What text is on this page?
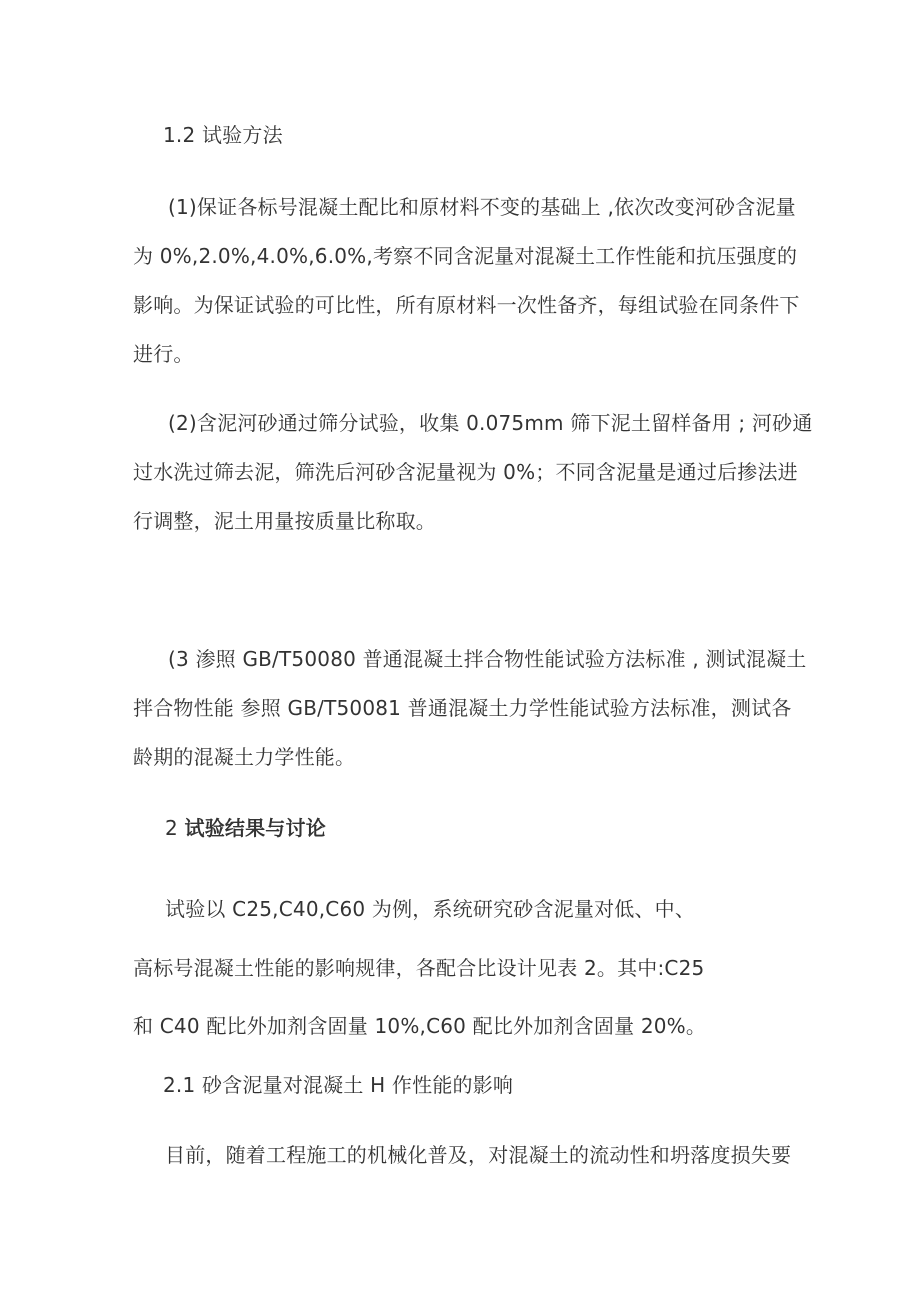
1.2 试验方法
(1)保证各标号混凝土配比和原材料不变的基础上 ,依次改变河砂含泥量
为 0%,2.0%,4.0%,6.0%,考察不同含泥量对混凝土工作性能和抗压强度的
影响。为保证试验的可比性，所有原材料一次性备齐，每组试验在同条件下
进行。
(2)含泥河砂通过筛分试验，收集 0.075mm 筛下泥土留样备用 ; 河砂通
过水洗过筛去泥，筛洗后河砂含泥量视为 0%；不同含泥量是通过后掺法进
行调整，泥土用量按质量比称取。
(3 渗照 GB/T50080 普通混凝土拌合物性能试验方法标准 , 测试混凝土
拌合物性能 参照 GB/T50081 普通混凝土力学性能试验方法标准，测试各
龄期的混凝土力学性能。
2 试验结果与讨论
试验以 C25,C40,C60 为例，系统研究砂含泥量对低、中、
高标号混凝土性能的影响规律，各配合比设计见表 2。其中:C25
和 C40 配比外加剂含固量 10%,C60 配比外加剂含固量 20%。
2.1 砂含泥量对混凝土 H 作性能的影响
目前，随着工程施工的机械化普及，对混凝土的流动性和坍落度损失要
